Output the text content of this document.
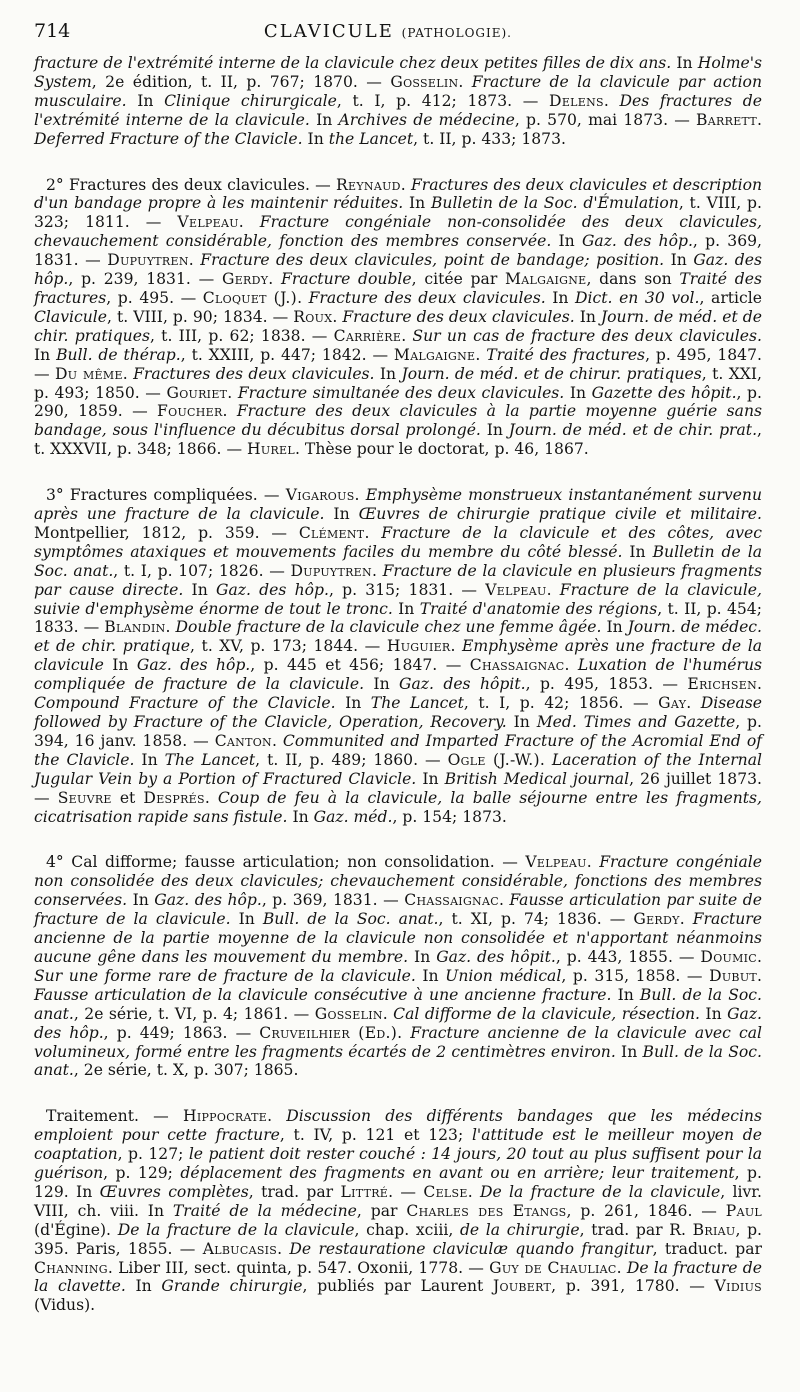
714	CLAVICULE (PATHOLOGIE).

fracture de l'extrémité interne de la clavicule chez deux petites filles de dix ans. In Holme's System, 2e édition, t. II, p. 767; 1870. — Gosselin. Fracture de la clavicule par action musculaire. In Clinique chirurgicale, t. I, p. 412; 1873. — Delens. Des fractures de l'extrémité interne de la clavicule. In Archives de médecine, p. 570, mai 1873. — Barrett. Deferred Fracture of the Clavicle. In the Lancet, t. II, p. 433; 1873.

2° Fractures des deux clavicules. — Reynaud. Fractures des deux clavicules et description d'un bandage propre à les maintenir réduites. In Bulletin de la Soc. d'Émulation, t. VIII, p. 323; 1811. — Velpeau. Fracture congéniale non-consolidée des deux clavicules, chevauchement considérable, fonction des membres conservée. In Gaz. des hôp., p. 369, 1831. — Dupuytren. Fracture des deux clavicules, point de bandage; position. In Gaz. des hôp., p. 239, 1831. — Gerdy. Fracture double, citée par Malgaigne, dans son Traité des fractures, p. 495. — Cloquet (J.). Fracture des deux clavicules. In Dict. en 30 vol., article Clavicule, t. VIII, p. 90; 1834. — Roux. Fracture des deux clavicules. In Journ. de méd. et de chir. pratiques, t. III, p. 62; 1838. — Carrière. Sur un cas de fracture des deux clavicules. In Bull. de thérap., t. XXIII, p. 447; 1842. — Malgaigne. Traité des fractures, p. 495, 1847. — Du même. Fractures des deux clavicules. In Journ. de méd. et de chirur. pratiques, t. XXI, p. 493; 1850. — Gouriet. Fracture simultanée des deux clavicules. In Gazette des hôpit., p. 290, 1859. — Foucher. Fracture des deux clavicules à la partie moyenne guérie sans bandage, sous l'influence du décubitus dorsal prolongé. In Journ. de méd. et de chir. prat., t. XXXVII, p. 348; 1866. — Hurel. Thèse pour le doctorat, p. 46, 1867.

3° Fractures compliquées. — Vigarous. Emphysème monstrueux instantanément survenu après une fracture de la clavicule. In Œuvres de chirurgie pratique civile et militaire. Montpellier, 1812, p. 359. — Clément. Fracture de la clavicule et des côtes, avec symptômes ataxiques et mouvements faciles du membre du côté blessé. In Bulletin de la Soc. anat., t. I, p. 107; 1826. — Dupuytren. Fracture de la clavicule en plusieurs fragments par cause directe. In Gaz. des hôp., p. 315; 1831. — Velpeau. Fracture de la clavicule, suivie d'emphysème énorme de tout le tronc. In Traité d'anatomie des régions, t. II, p. 454; 1833. — Blandin. Double fracture de la clavicule chez une femme âgée. In Journ. de médec. et de chir. pratique, t. XV, p. 173; 1844. — Huguier. Emphysème après une fracture de la clavicule In Gaz. des hôp., p. 445 et 456; 1847. — Chassaignac. Luxation de l'humérus compliquée de fracture de la clavicule. In Gaz. des hôpit., p. 495, 1853. — Erichsen. Compound Fracture of the Clavicle. In The Lancet, t. I, p. 42; 1856. — Gay. Disease followed by Fracture of the Clavicle, Operation, Recovery. In Med. Times and Gazette, p. 394, 16 janv. 1858. — Canton. Communited and Imparted Fracture of the Acromial End of the Clavicle. In The Lancet, t. II, p. 489; 1860. — Ogle (J.-W.). Laceration of the Internal Jugular Vein by a Portion of Fractured Clavicle. In British Medical journal, 26 juillet 1873. — Seuvre et Després. Coup de feu à la clavicule, la balle séjourne entre les fragments, cicatrisation rapide sans fistule. In Gaz. méd., p. 154; 1873.

4° Cal difforme; fausse articulation; non consolidation. — Velpeau. Fracture congéniale non consolidée des deux clavicules; chevauchement considérable, fonctions des membres conservées. In Gaz. des hôp., p. 369, 1831. — Chassaignac. Fausse articulation par suite de fracture de la clavicule. In Bull. de la Soc. anat., t. XI, p. 74; 1836. — Gerdy. Fracture ancienne de la partie moyenne de la clavicule non consolidée et n'apportant néanmoins aucune gêne dans les mouvement du membre. In Gaz. des hôpit., p. 443, 1855. — Doumic. Sur une forme rare de fracture de la clavicule. In Union médical, p. 315, 1858. — Dubut. Fausse articulation de la clavicule consécutive à une ancienne fracture. In Bull. de la Soc. anat., 2e série, t. VI, p. 4; 1861. — Gosselin. Cal difforme de la clavicule, résection. In Gaz. des hôp., p. 449; 1863. — Cruveilhier (Ed.). Fracture ancienne de la clavicule avec cal volumineux, formé entre les fragments écartés de 2 centimètres environ. In Bull. de la Soc. anat., 2e série, t. X, p. 307; 1865.

Traitement. — Hippocrate. Discussion des différents bandages que les médecins emploient pour cette fracture, t. IV, p. 121 et 123; l'attitude est le meilleur moyen de coaptation, p. 127; le patient doit rester couché : 14 jours, 20 tout au plus suffisent pour la guérison, p. 129; déplacement des fragments en avant ou en arrière; leur traitement, p. 129. In Œuvres complètes, trad. par Littré. — Celse. De la fracture de la clavicule, livr. VIII, ch. viii. In Traité de la médecine, par Charles des Etangs, p. 261, 1846. — Paul (d'Égine). De la fracture de la clavicule, chap. xciii, de la chirurgie, trad. par R. Briau, p. 395. Paris, 1855. — Albucasis. De restauratione claviculæ quando frangitur, traduct. par Channing. Liber III, sect. quinta, p. 547. Oxonii, 1778. — Guy de Chauliac. De la fracture de la clavette. In Grande chirurgie, publiés par Laurent Joubert, p. 391, 1780. — Vidius (Vidus).
